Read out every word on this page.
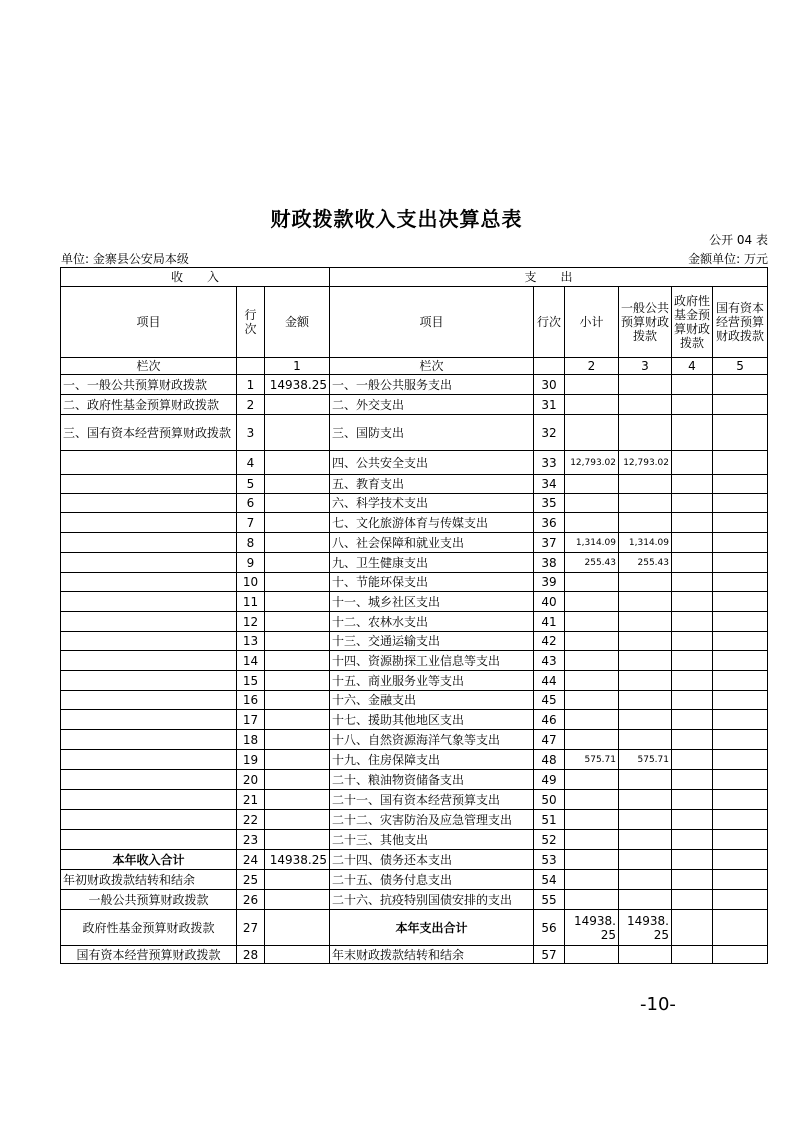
财政拨款收入支出决算总表
公开 04 表
单位: 金寨县公安局本级	金额单位: 万元
收　　入			支　　出					
项目	行次	金额	项目	行次	小计	一般公共预算财政拨款	政府性基金预算财政拨款	国有资本经营预算财政拨款
栏次		1	栏次		2	3	4	5
一、一般公共预算财政拨款	1	14938.25	一、一般公共服务支出	30				
二、政府性基金预算财政拨款	2		二、外交支出	31				
三、国有资本经营预算财政拨款	3		三、国防支出	32				
	4		四、公共安全支出	33	12,793.02	12,793.02		
	5		五、教育支出	34				
	6		六、科学技术支出	35				
	7		七、文化旅游体育与传媒支出	36				
	8		八、社会保障和就业支出	37	1,314.09	1,314.09		
	9		九、卫生健康支出	38	255.43	255.43		
	10		十、节能环保支出	39				
	11		十一、城乡社区支出	40				
	12		十二、农林水支出	41				
	13		十三、交通运输支出	42				
	14		十四、资源勘探工业信息等支出	43				
	15		十五、商业服务业等支出	44				
	16		十六、金融支出	45				
	17		十七、援助其他地区支出	46				
	18		十八、自然资源海洋气象等支出	47				
	19		十九、住房保障支出	48	575.71	575.71		
	20		二十、粮油物资储备支出	49				
	21		二十一、国有资本经营预算支出	50				
	22		二十二、灾害防治及应急管理支出	51				
	23		二十三、其他支出	52				
本年收入合计	24	14938.25	二十四、债务还本支出	53				
年初财政拨款结转和结余	25		二十五、债务付息支出	54				
一般公共预算财政拨款	26		二十六、抗疫特别国债安排的支出	55				
政府性基金预算财政拨款	27		本年支出合计	56	14938.25	14938.25		
国有资本经营预算财政拨款	28		年末财政拨款结转和结余	57				
-10-
